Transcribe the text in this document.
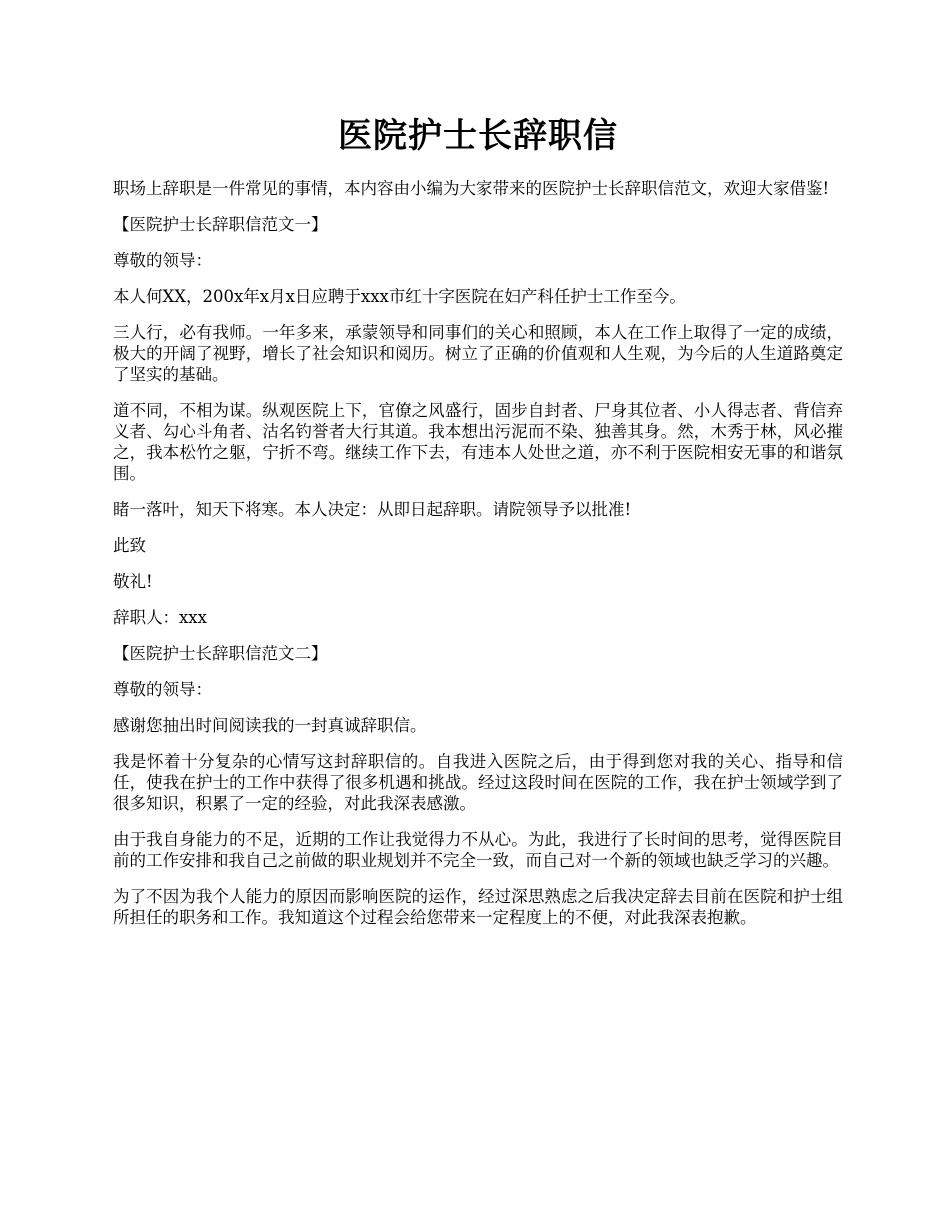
医院护士长辞职信

职场上辞职是一件常见的事情，本内容由小编为大家带来的医院护士长辞职信范文，欢迎大家借鉴!

【医院护士长辞职信范文一】

尊敬的领导：

本人何XX，200x年x月x日应聘于xxx市红十字医院在妇产科任护士工作至今。

三人行，必有我师。一年多来，承蒙领导和同事们的关心和照顾，本人在工作上取得了一定的成绩，极大的开阔了视野，增长了社会知识和阅历。树立了正确的价值观和人生观，为今后的人生道路奠定了坚实的基础。

道不同，不相为谋。纵观医院上下，官僚之风盛行，固步自封者、尸身其位者、小人得志者、背信弃义者、勾心斗角者、沽名钓誉者大行其道。我本想出污泥而不染、独善其身。然，木秀于林，风必摧之，我本松竹之躯，宁折不弯。继续工作下去，有违本人处世之道，亦不利于医院相安无事的和谐氛围。

睹一落叶，知天下将寒。本人决定：从即日起辞职。请院领导予以批准!

此致

敬礼!

辞职人：xxx

【医院护士长辞职信范文二】

尊敬的领导：

感谢您抽出时间阅读我的一封真诚辞职信。

我是怀着十分复杂的心情写这封辞职信的。自我进入医院之后，由于得到您对我的关心、指导和信任，使我在护士的工作中获得了很多机遇和挑战。经过这段时间在医院的工作，我在护士领域学到了很多知识，积累了一定的经验，对此我深表感激。

由于我自身能力的不足，近期的工作让我觉得力不从心。为此，我进行了长时间的思考，觉得医院目前的工作安排和我自己之前做的职业规划并不完全一致，而自己对一个新的领域也缺乏学习的兴趣。

为了不因为我个人能力的原因而影响医院的运作，经过深思熟虑之后我决定辞去目前在医院和护士组所担任的职务和工作。我知道这个过程会给您带来一定程度上的不便，对此我深表抱歉。
